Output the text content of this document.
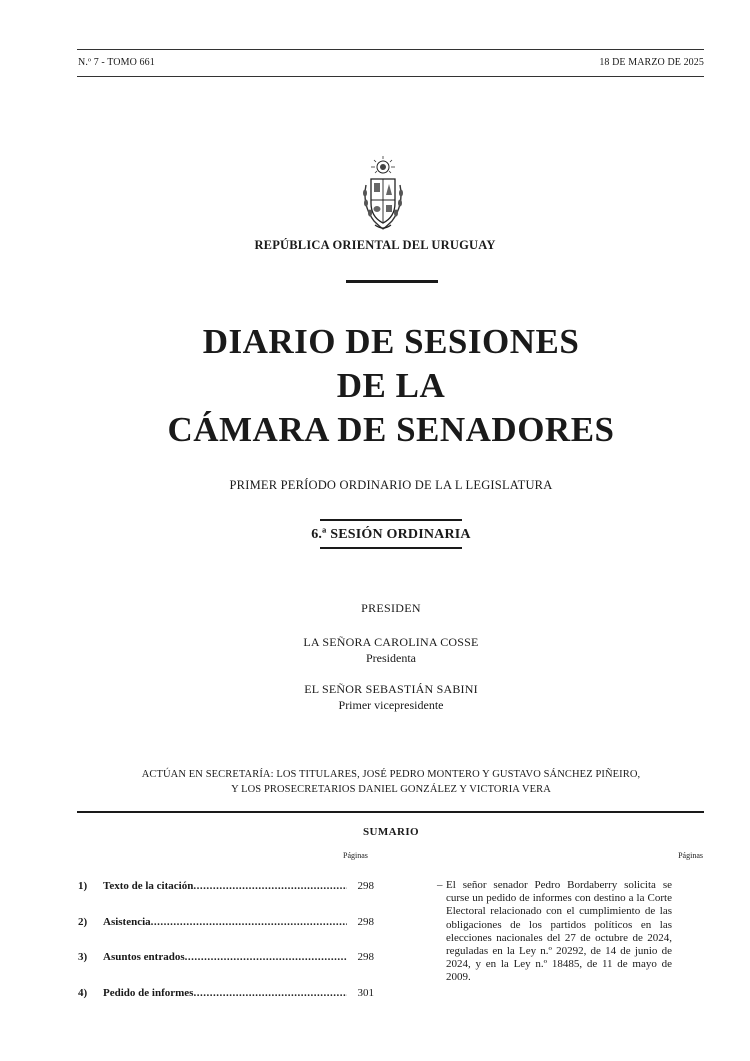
N.º 7 - TOMO 661	18 DE MARZO DE 2025
REPÚBLICA ORIENTAL DEL URUGUAY
DIARIO DE SESIONES
DE LA
CÁMARA DE SENADORES
PRIMER PERÍODO ORDINARIO DE LA L LEGISLATURA
6.ª SESIÓN ORDINARIA
PRESIDEN
LA SEÑORA CAROLINA COSSE
Presidenta
EL SEÑOR SEBASTIÁN SABINI
Primer vicepresidente
ACTÚAN EN SECRETARÍA: LOS TITULARES, JOSÉ PEDRO MONTERO Y GUSTAVO SÁNCHEZ PIÑEIRO,
Y LOS PROSECRETARIOS DANIEL GONZÁLEZ Y VICTORIA VERA
SUMARIO
Páginas	Páginas
1)	Texto de la citación .....	298
2)	Asistencia .....	298
3)	Asuntos entrados .....	298
4)	Pedido de informes .....	301
– El señor senador Pedro Bordaberry solicita se curse un pedido de informes con destino a la Corte Electoral relacionado con el cumplimiento de las obligaciones de los partidos políticos en las elecciones nacionales del 27 de octubre de 2024, reguladas en la Ley n.º 20292, de 14 de junio de 2024, y en la Ley n.º 18485, de 11 de mayo de 2009.
